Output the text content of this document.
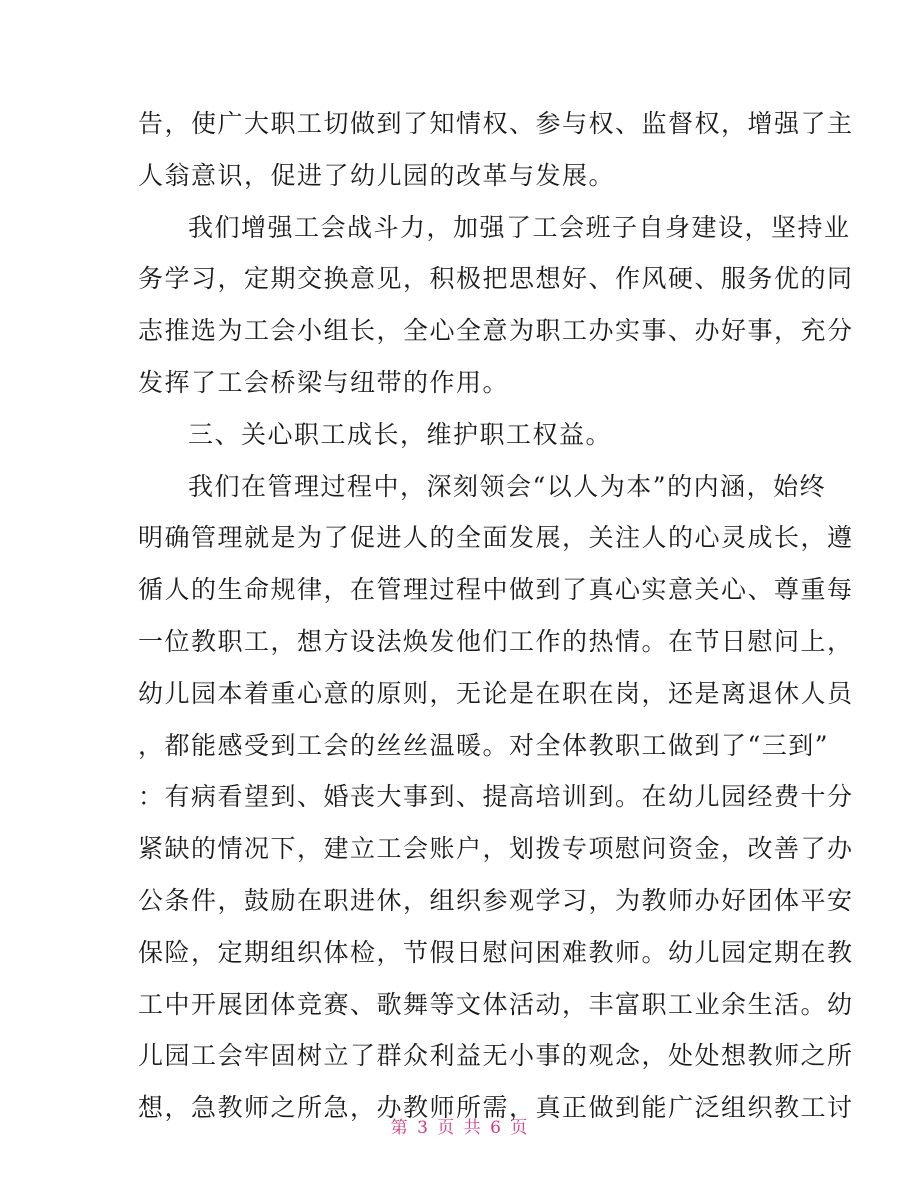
告，使广大职工切做到了知情权、参与权、监督权，增强了主
人翁意识，促进了幼儿园的改革与发展。
我们增强工会战斗力，加强了工会班子自身建设，坚持业
务学习，定期交换意见，积极把思想好、作风硬、服务优的同
志推选为工会小组长，全心全意为职工办实事、办好事，充分
发挥了工会桥梁与纽带的作用。
三、关心职工成长，维护职工权益。
我们在管理过程中，深刻领会“以人为本”的内涵，始终
明确管理就是为了促进人的全面发展，关注人的心灵成长，遵
循人的生命规律，在管理过程中做到了真心实意关心、尊重每
一位教职工，想方设法焕发他们工作的热情。在节日慰问上，
幼儿园本着重心意的原则，无论是在职在岗，还是离退休人员
，都能感受到工会的丝丝温暖。对全体教职工做到了“三到”
：有病看望到、婚丧大事到、提高培训到。在幼儿园经费十分
紧缺的情况下，建立工会账户，划拨专项慰问资金，改善了办
公条件，鼓励在职进休，组织参观学习，为教师办好团体平安
保险，定期组织体检，节假日慰问困难教师。幼儿园定期在教
工中开展团体竞赛、歌舞等文体活动，丰富职工业余生活。幼
儿园工会牢固树立了群众利益无小事的观念，处处想教师之所
想，急教师之所急，办教师所需，真正做到能广泛组织教工讨
第 3 页 共 6 页
